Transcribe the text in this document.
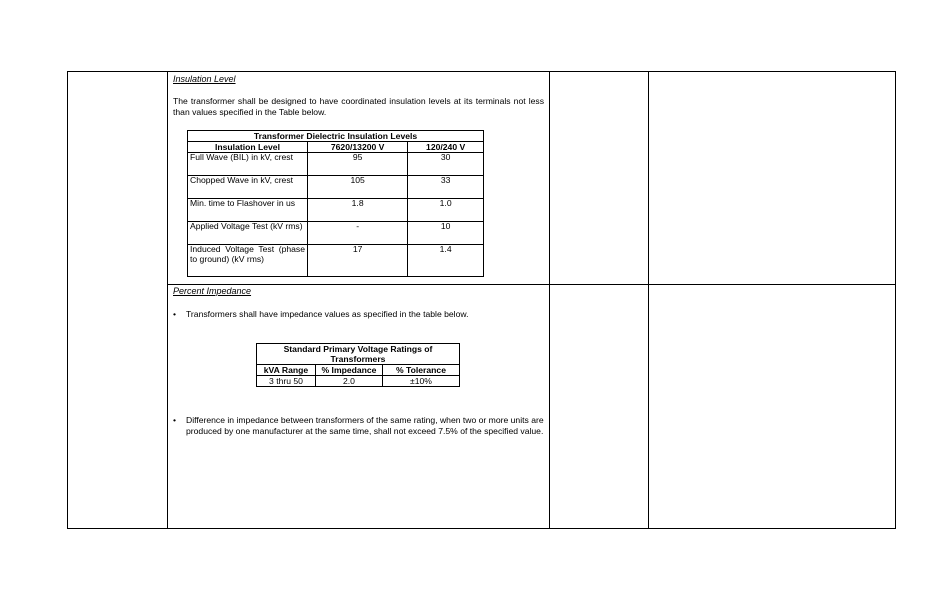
Insulation Level
The transformer shall be designed to have coordinated insulation levels at its terminals not less than values specified in the Table below.
Transformer Dielectric Insulation Levels		
Insulation Level	7620/13200 V	120/240 V
Full Wave (BIL) in kV, crest	95	30
Chopped Wave in kV, crest	105	33
Min. time to Flashover in us	1.8	1.0
Applied Voltage Test (kV rms)	-	10
Induced Voltage Test (phase to ground) (kV rms)	17	1.4
Percent Impedance
•	Transformers shall have impedance values as specified in the table below.
Standard Primary Voltage Ratings of Transformers		
kVA Range	% Impedance	% Tolerance
3 thru 50	2.0	±10%
•	Difference in impedance between transformers of the same rating, when two or more units are produced by one manufacturer at the same time, shall not exceed 7.5% of the specified value.
